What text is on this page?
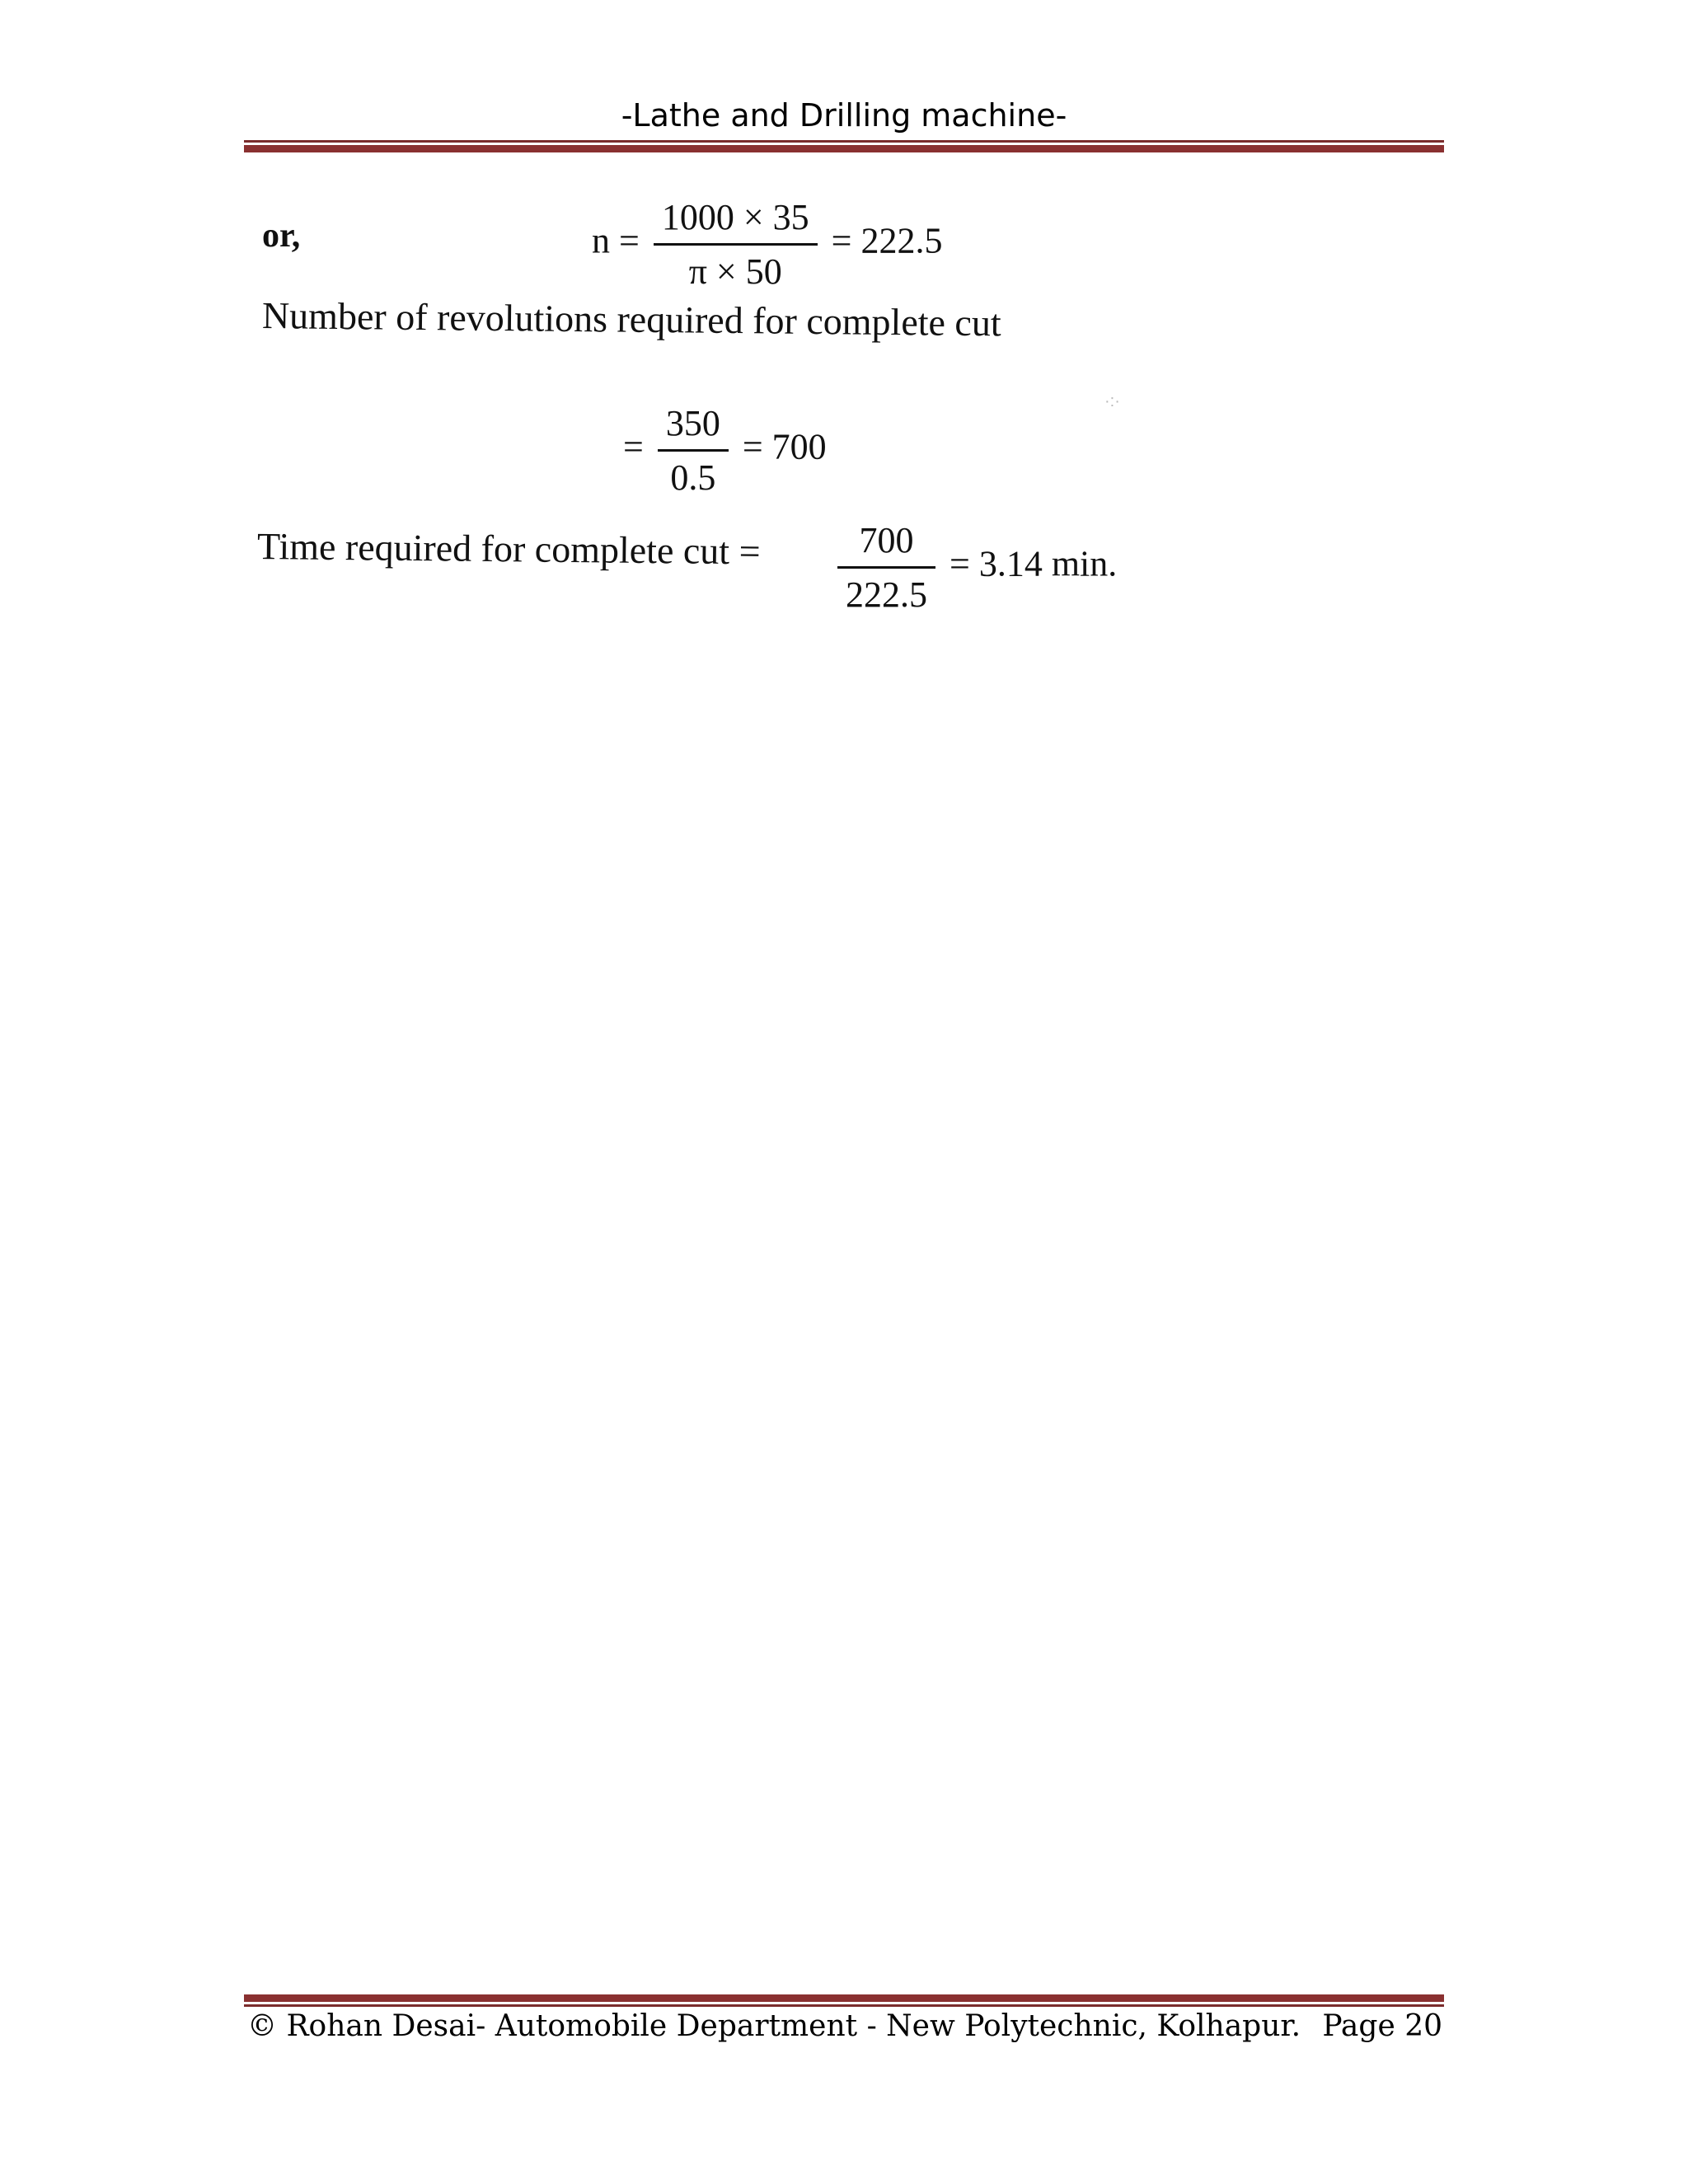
-Lathe and Drilling machine-
or,	$n = \frac{1000 \times 35}{\pi \times 50} = 222.5$
Number of revolutions required for complete cut
= $\frac{350}{0.5} = 700$
Time required for complete cut = $\frac{700}{222.5} = 3.14$ min.
·:·
© Rohan Desai- Automobile Department - New Polytechnic, Kolhapur. Page 20
